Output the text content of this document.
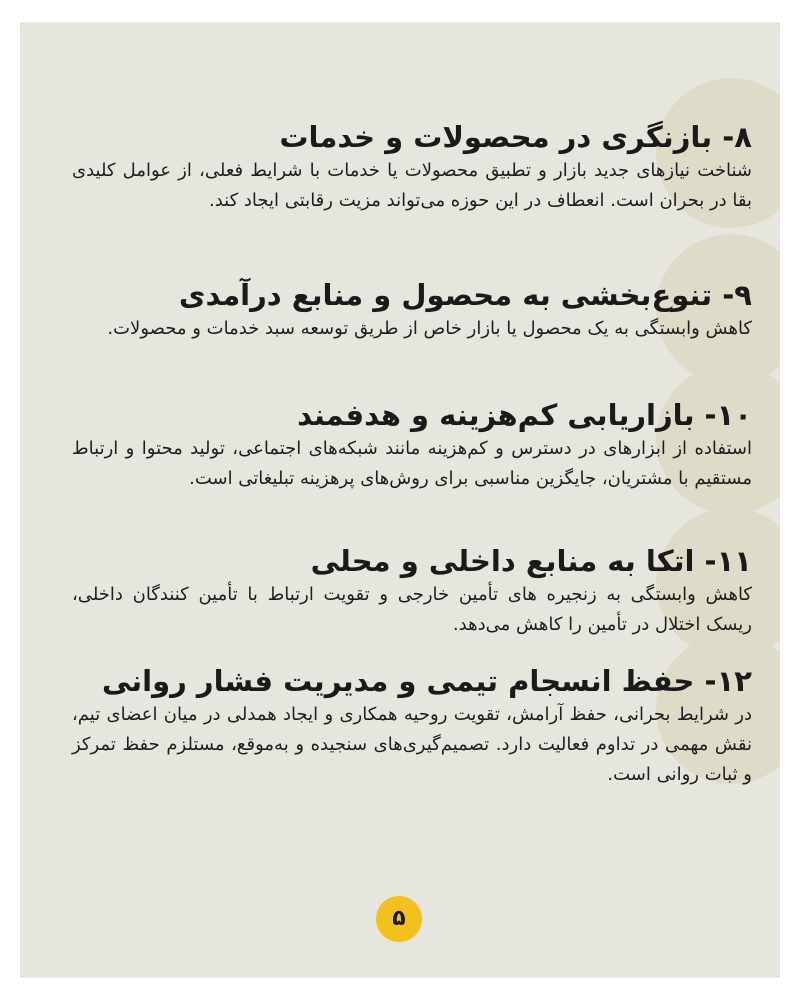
۸- بازنگری در محصولات و خدمات

شناخت نیازهای جدید بازار و تطبیق محصولات یا خدمات با شرایط فعلی، از عوامل کلیدی بقا در بحران است. انعطاف در این حوزه می‌تواند مزیت رقابتی ایجاد کند.

۹- تنوع‌بخشی به محصول و منابع درآمدی

کاهش وابستگی به یک محصول یا بازار خاص از طریق توسعه سبد خدمات و محصولات.

۱۰- بازاریابی کم‌هزینه و هدفمند

استفاده از ابزارهای در دسترس و کم‌هزینه مانند شبکه‌های اجتماعی، تولید محتوا و ارتباط مستقیم با مشتریان، جایگزین مناسبی برای روش‌های پرهزینه تبلیغاتی است.

۱۱- اتکا به منابع داخلی و محلی

کاهش وابستگی به زنجیره های تأمین خارجی و تقویت ارتباط با تأمین کنندگان داخلی، ریسک اختلال در تأمین را کاهش می‌دهد.

۱۲- حفظ انسجام تیمی و مدیریت فشار روانی

در شرایط بحرانی، حفظ آرامش، تقویت روحیه همکاری و ایجاد همدلی در میان اعضای تیم، نقش مهمی در تداوم فعالیت دارد. تصمیم‌گیری‌های سنجیده و به‌موقع، مستلزم حفظ تمرکز و ثبات روانی است.

۵
